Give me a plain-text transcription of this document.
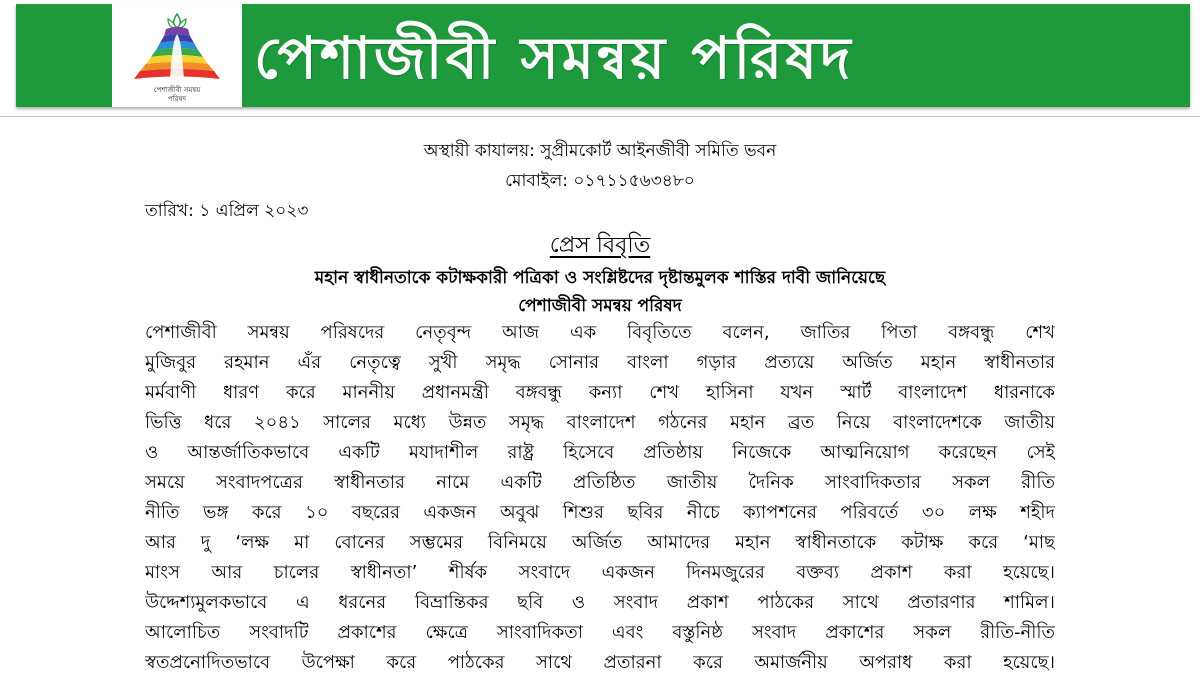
পেশাজীবী সমন্বয়
পরিষদ
পেশাজীবী সমন্বয় পরিষদ
অস্থায়ী কাযালয়: সুপ্রীমকোর্ট আইনজীবী সমিতি ভবন
মোবাইল: ০১৭১১৫৬৩৪৮০
তারিখ: ১ এপ্রিল ২০২৩
প্রেস বিবৃতি
মহান স্বাধীনতাকে কটাক্ষকারী পত্রিকা ও সংশ্লিষ্টদের দৃষ্টান্তমুলক শাস্তির দাবী জানিয়েছে
পেশাজীবী সমন্বয় পরিষদ
পেশাজীবী সমন্বয় পরিষদের নেতৃবৃন্দ আজ এক বিবৃতিতে বলেন, জাতির পিতা বঙ্গবন্ধু শেখ
মুজিবুর রহমান এঁর নেতৃত্বে সুখী সমৃদ্ধ সোনার বাংলা গড়ার প্রত্যয়ে অর্জিত মহান স্বাধীনতার
মর্মবাণী ধারণ করে মাননীয় প্রধানমন্ত্রী বঙ্গবন্ধু কন্যা শেখ হাসিনা যখন স্মার্ট বাংলাদেশ ধারনাকে
ভিত্তি ধরে ২০৪১ সালের মধ্যে উন্নত সমৃদ্ধ বাংলাদেশ গঠনের মহান ব্রত নিয়ে বাংলাদেশকে জাতীয়
ও আন্তর্জাতিকভাবে একটি মযাদাশীল রাষ্ট্র হিসেবে প্রতিষ্ঠায় নিজেকে আত্মনিয়োগ করেছেন সেই
সময়ে সংবাদপত্রের স্বাধীনতার নামে একটি প্রতিষ্ঠিত জাতীয় দৈনিক সাংবাদিকতার সকল রীতি
নীতি ভঙ্গ করে ১০ বছরের একজন অবুঝ শিশুর ছবির নীচে ক্যাপশনের পরিবর্তে ৩০ লক্ষ শহীদ
আর দু ‘লক্ষ মা বোনের সম্ভমের বিনিময়ে অর্জিত আমাদের মহান স্বাধীনতাকে কটাক্ষ করে ‘মাছ
মাংস আর চালের স্বাধীনতা’ শীর্ষক সংবাদে একজন দিনমজুরের বক্তব্য প্রকাশ করা হয়েছে।
উদ্দেশ্যমুলকভাবে এ ধরনের বিভ্রান্তিকর ছবি ও সংবাদ প্রকাশ পাঠকের সাথে প্রতারণার শামিল।
আলোচিত সংবাদটি প্রকাশের ক্ষেত্রে সাংবাদিকতা এবং বস্তুনিষ্ঠ সংবাদ প্রকাশের সকল রীতি-নীতি
স্বতপ্রনোদিতভাবে উপেক্ষা করে পাঠকের সাথে প্রতারনা করে অমার্জনীয় অপরাধ করা হয়েছে।
